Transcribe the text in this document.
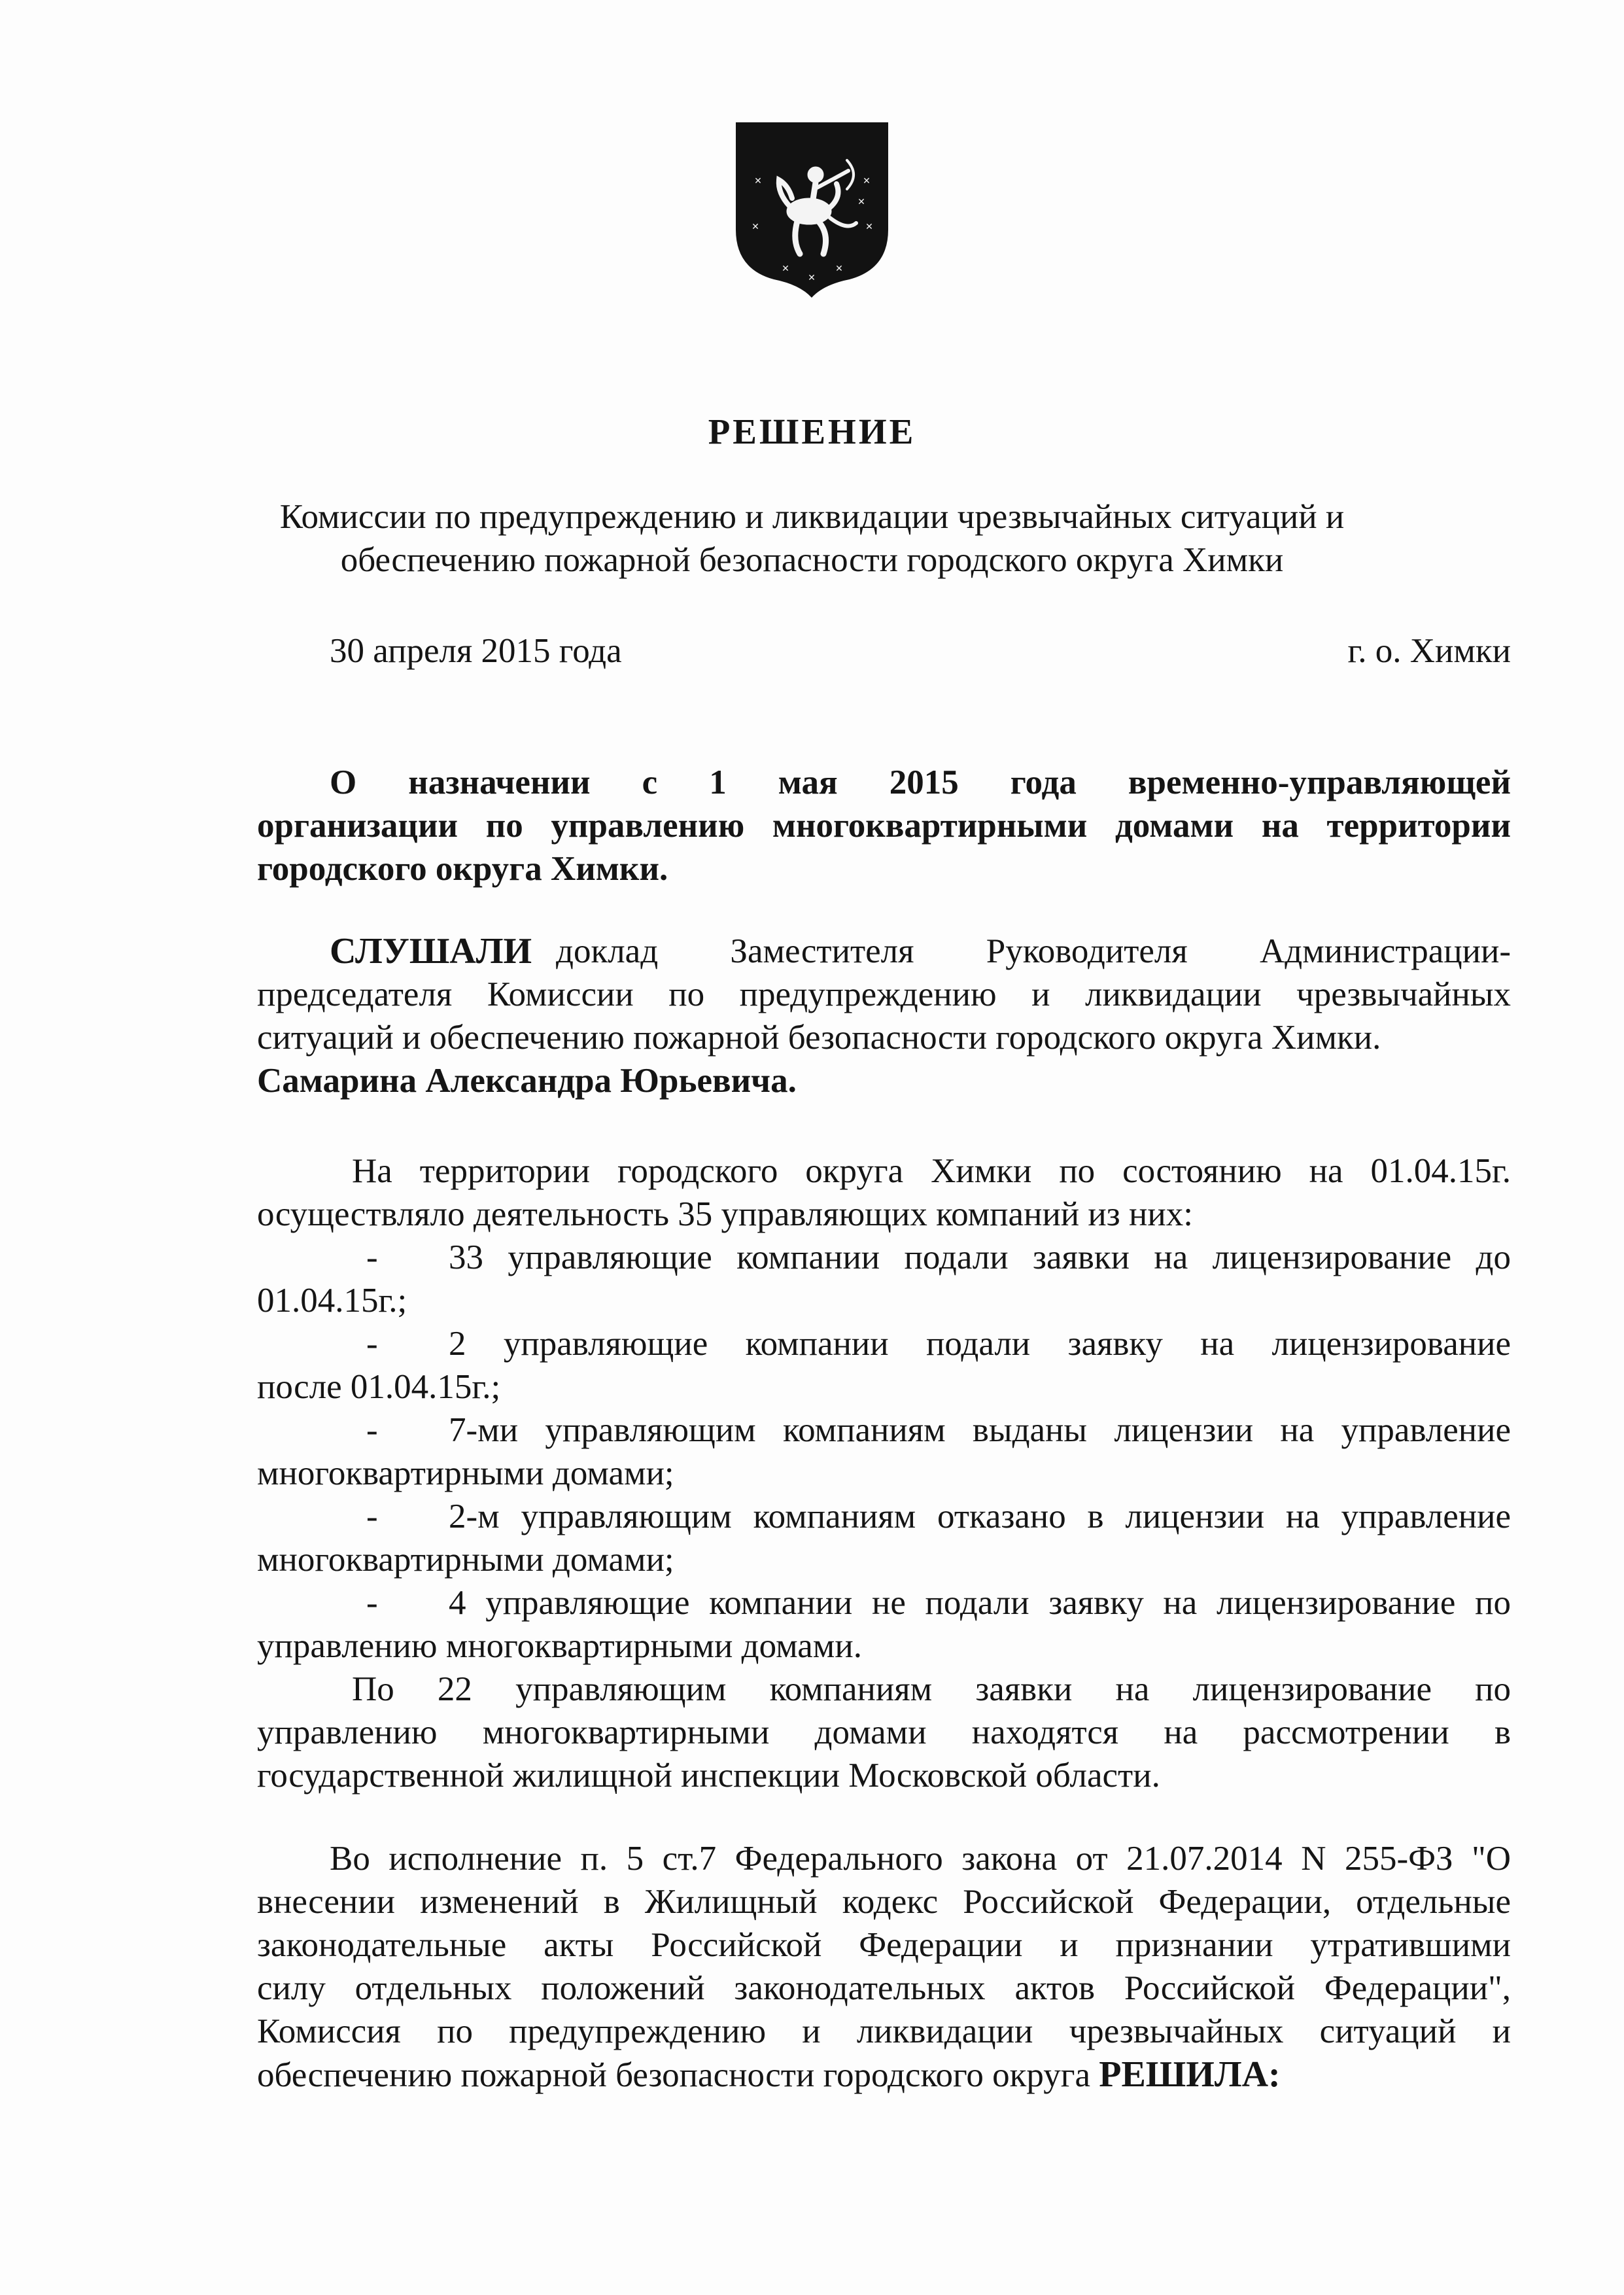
✕
✕
✕
✕
✕
✕
✕
✕
РЕШЕНИЕ
Комиссии по предупреждению и ликвидации чрезвычайных ситуаций и
обеспечению пожарной безопасности городского округа Химки
30 апреля 2015 года	г. о. Химки

О назначении с 1 мая 2015 года временно-управляющей

организации по управлению многоквартирными домами на территории

городского округа Химки.

СЛУШАЛИ доклад Заместителя Руководителя Администрации-

председателя Комиссии по предупреждению и ликвидации чрезвычайных

ситуаций и обеспечению пожарной безопасности городского округа Химки.

Самарина Александра Юрьевича.

На территории городского округа Химки по состоянию на 01.04.15г.

осуществляло деятельность 35 управляющих компаний из них:

- 33 управляющие компании подали заявки на лицензирование до

01.04.15г.;

- 2 управляющие компании подали заявку на лицензирование

после 01.04.15г.;

- 7-ми управляющим компаниям выданы лицензии на управление

многоквартирными домами;

- 2-м управляющим компаниям отказано в лицензии на управление

многоквартирными домами;

- 4 управляющие компании не подали заявку на лицензирование по

управлению многоквартирными домами.

По 22 управляющим компаниям заявки на лицензирование по

управлению многоквартирными домами находятся на рассмотрении в

государственной жилищной инспекции Московской области.

Во исполнение п. 5 ст.7 Федерального закона от 21.07.2014 N 255-ФЗ "О

внесении изменений в Жилищный кодекс Российской Федерации, отдельные

законодательные акты Российской Федерации и признании утратившими

силу отдельных положений законодательных актов Российской Федерации",

Комиссия по предупреждению и ликвидации чрезвычайных ситуаций и

обеспечению пожарной безопасности городского округа РЕШИЛА:
